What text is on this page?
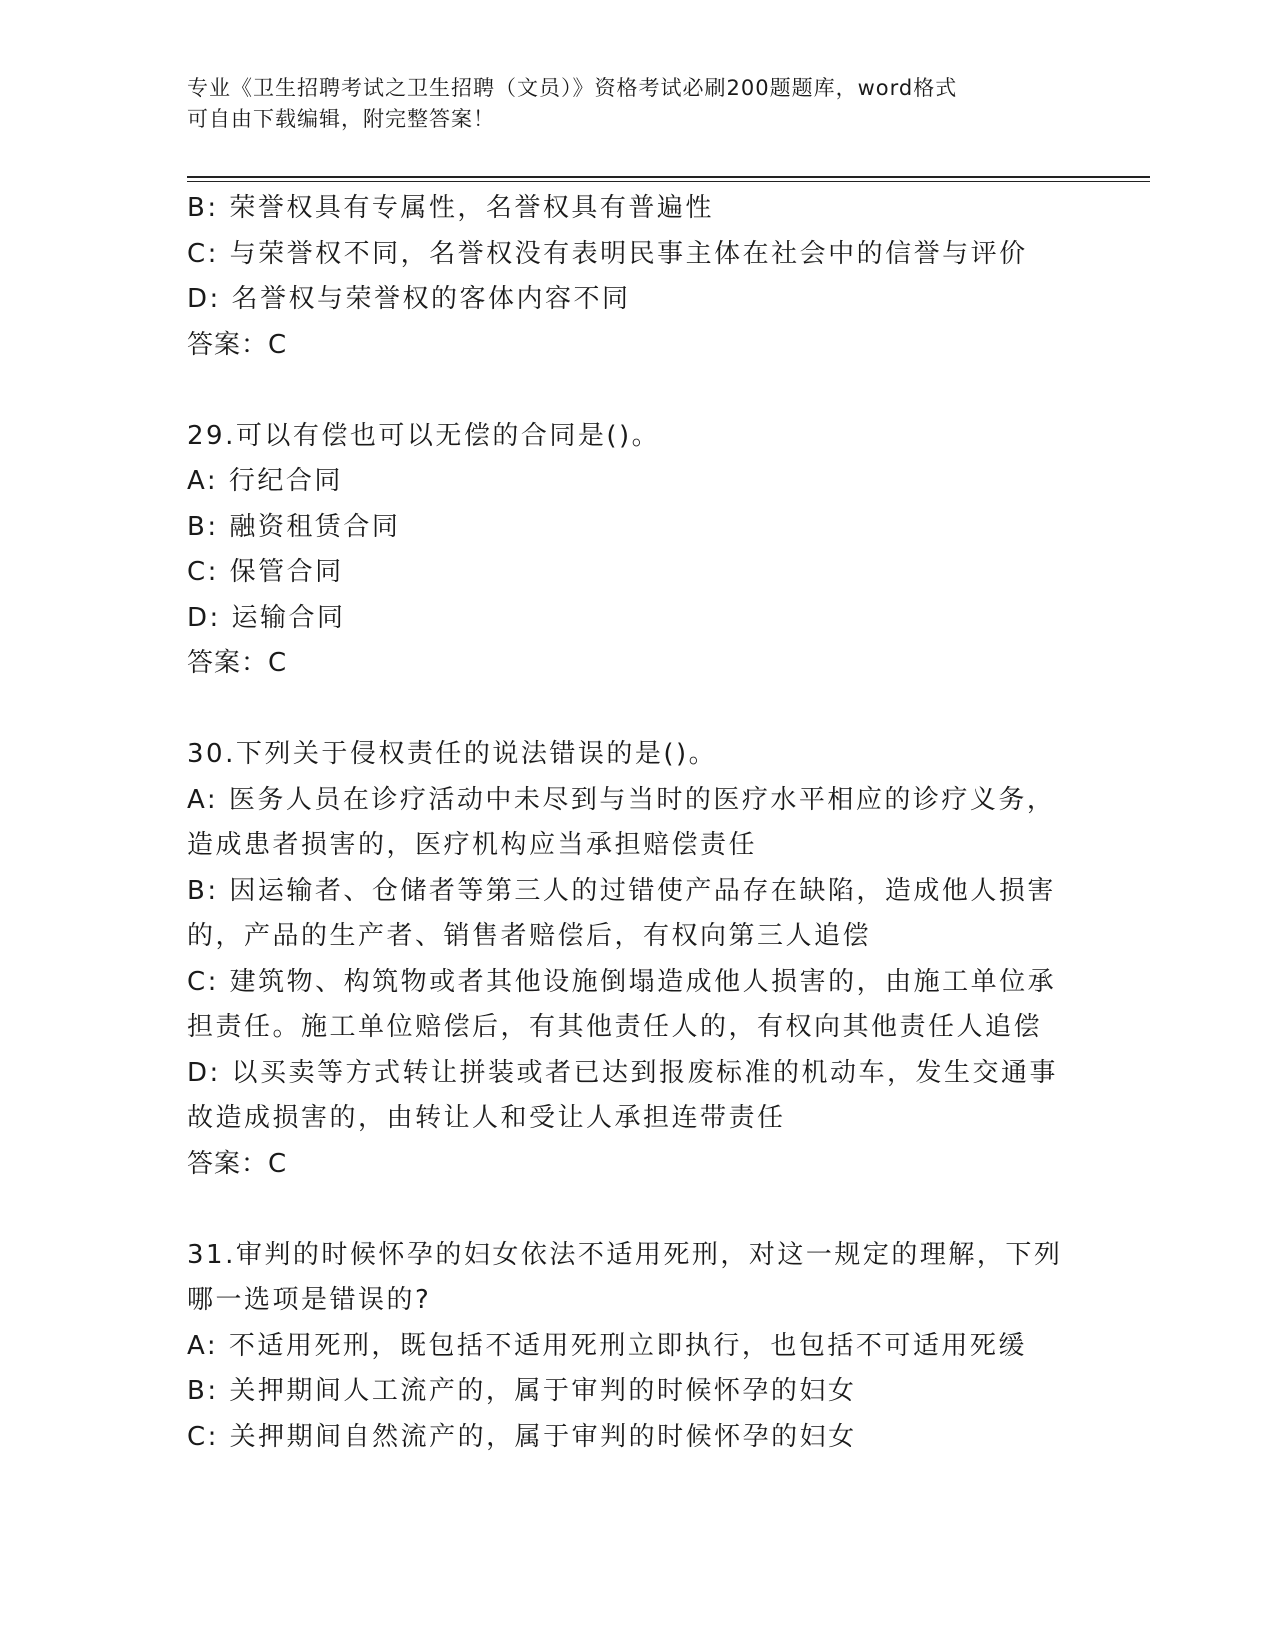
专业《卫生招聘考试之卫生招聘（文员）》资格考试必刷200题题库，word格式
可自由下载编辑，附完整答案！
B: 荣誉权具有专属性，名誉权具有普遍性
C: 与荣誉权不同，名誉权没有表明民事主体在社会中的信誉与评价
D: 名誉权与荣誉权的客体内容不同
答案：C
29.可以有偿也可以无偿的合同是()。
A: 行纪合同
B: 融资租赁合同
C: 保管合同
D: 运输合同
答案：C
30.下列关于侵权责任的说法错误的是()。
A: 医务人员在诊疗活动中未尽到与当时的医疗水平相应的诊疗义务，
造成患者损害的，医疗机构应当承担赔偿责任
B: 因运输者、仓储者等第三人的过错使产品存在缺陷，造成他人损害
的，产品的生产者、销售者赔偿后，有权向第三人追偿
C: 建筑物、构筑物或者其他设施倒塌造成他人损害的，由施工单位承
担责任。施工单位赔偿后，有其他责任人的，有权向其他责任人追偿
D: 以买卖等方式转让拼装或者已达到报废标准的机动车，发生交通事
故造成损害的，由转让人和受让人承担连带责任
答案：C
31.审判的时候怀孕的妇女依法不适用死刑，对这一规定的理解，下列
哪一选项是错误的?
A: 不适用死刑，既包括不适用死刑立即执行，也包括不可适用死缓
B: 关押期间人工流产的，属于审判的时候怀孕的妇女
C: 关押期间自然流产的，属于审判的时候怀孕的妇女
